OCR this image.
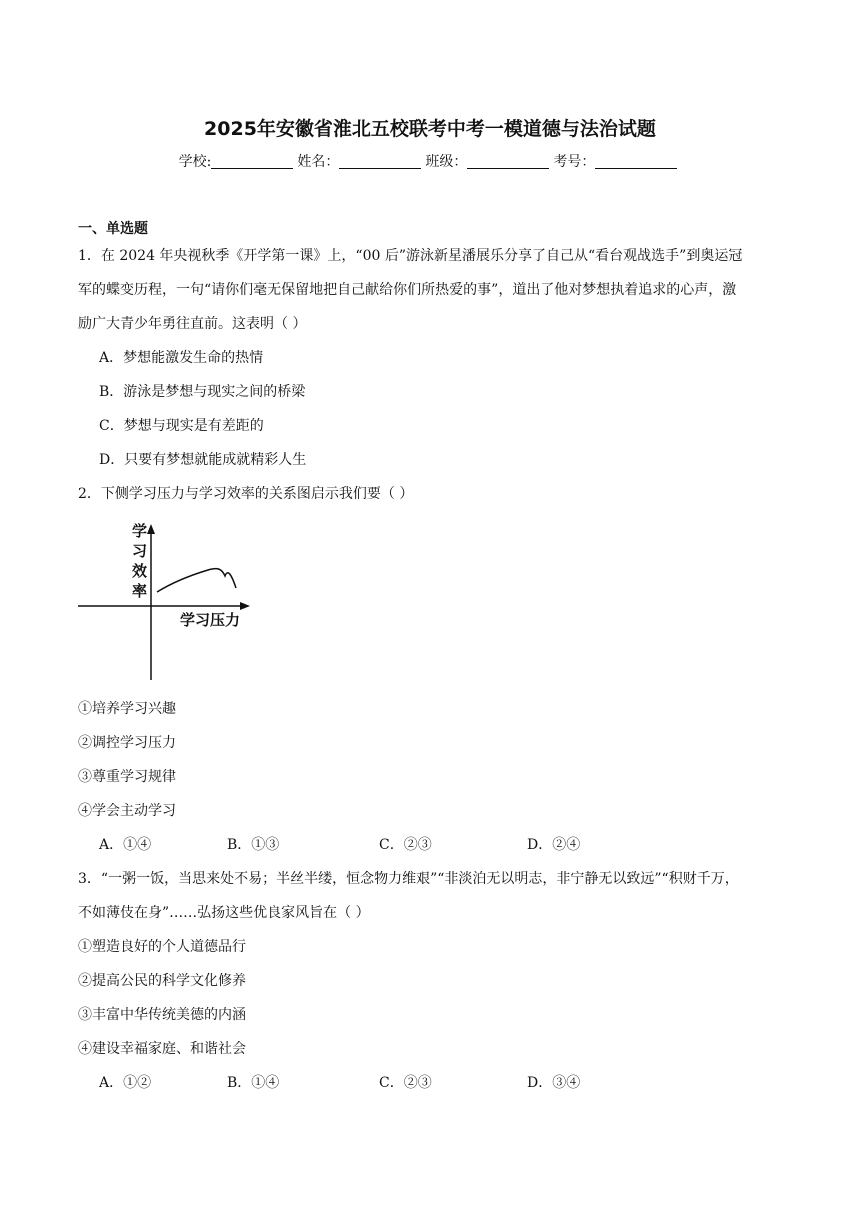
2025年安徽省淮北五校联考中考一模道德与法治试题
学校:	姓名：	班级：	考号：
一、单选题
1．在 2024 年央视秋季《开学第一课》上，“00 后”游泳新星潘展乐分享了自己从“看台观战选手”到奥运冠
军的蝶变历程，一句“请你们毫无保留地把自己献给你们所热爱的事”，道出了他对梦想执着追求的心声，激
励广大青少年勇往直前。这表明（ ）
A．梦想能激发生命的热情
B．游泳是梦想与现实之间的桥梁
C．梦想与现实是有差距的
D．只要有梦想就能成就精彩人生
2．下侧学习压力与学习效率的关系图启示我们要（ ）
学
习
效
率
学习压力
①培养学习兴趣
②调控学习压力
③尊重学习规律
④学会主动学习
A．①④	B．①③	C．②③	D．②④
3．“一粥一饭，当思来处不易；半丝半缕，恒念物力维艰”“非淡泊无以明志，非宁静无以致远”“积财千万，
不如薄伎在身”……弘扬这些优良家风旨在（ ）
①塑造良好的个人道德品行
②提高公民的科学文化修养
③丰富中华传统美德的内涵
④建设幸福家庭、和谐社会
A．①②	B．①④	C．②③	D．③④
